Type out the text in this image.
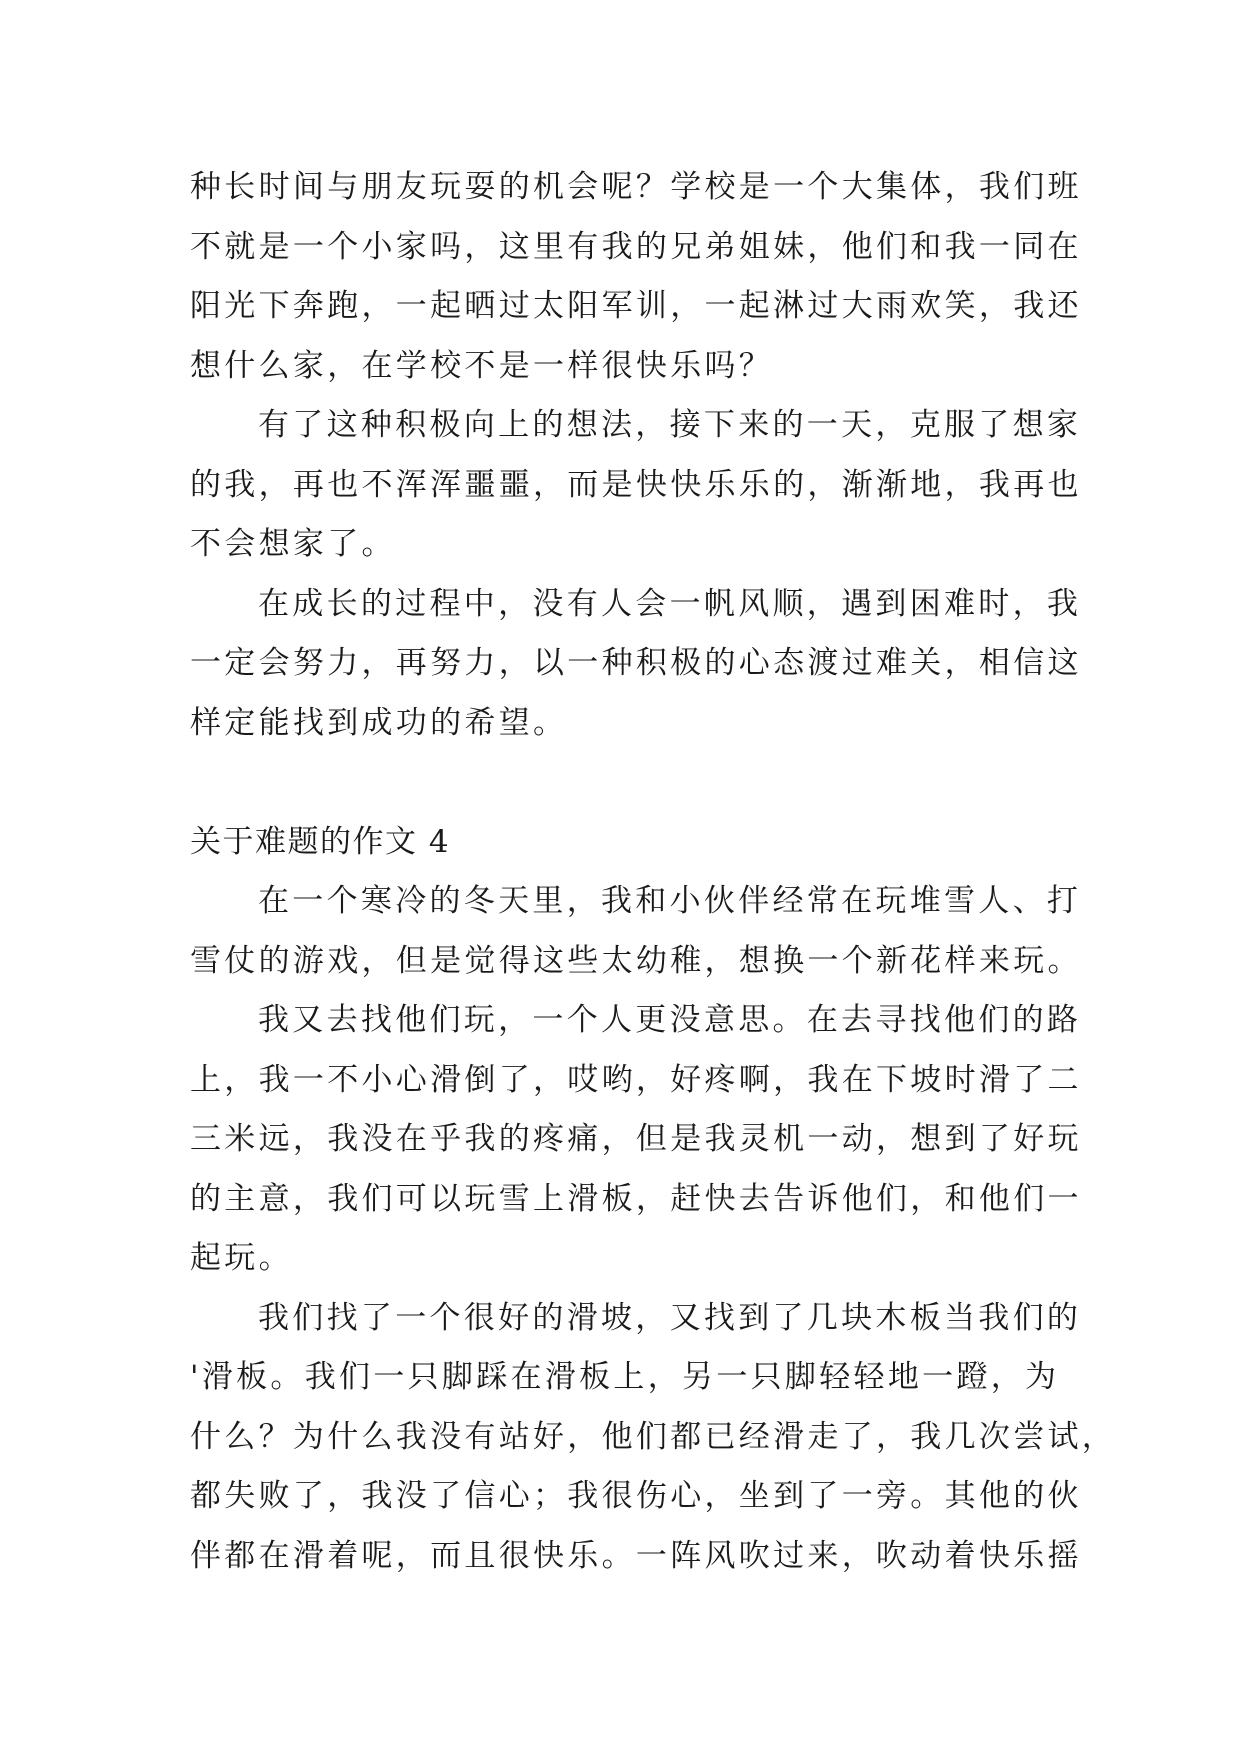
种长时间与朋友玩耍的机会呢？学校是一个大集体，我们班
不就是一个小家吗，这里有我的兄弟姐妹，他们和我一同在
阳光下奔跑，一起晒过太阳军训，一起淋过大雨欢笑，我还
想什么家，在学校不是一样很快乐吗？
有了这种积极向上的想法，接下来的一天，克服了想家
的我，再也不浑浑噩噩，而是快快乐乐的，渐渐地，我再也
不会想家了。
在成长的过程中，没有人会一帆风顺，遇到困难时，我
一定会努力，再努力，以一种积极的心态渡过难关，相信这
样定能找到成功的希望。
关于难题的作文 4
在一个寒冷的冬天里，我和小伙伴经常在玩堆雪人、打
雪仗的游戏，但是觉得这些太幼稚，想换一个新花样来玩。
我又去找他们玩，一个人更没意思。在去寻找他们的路
上，我一不小心滑倒了，哎哟，好疼啊，我在下坡时滑了二
三米远，我没在乎我的疼痛，但是我灵机一动，想到了好玩
的主意，我们可以玩雪上滑板，赶快去告诉他们，和他们一
起玩。
我们找了一个很好的滑坡，又找到了几块木板当我们的
'滑板。我们一只脚踩在滑板上，另一只脚轻轻地一蹬，为
什么？为什么我没有站好，他们都已经滑走了，我几次尝试，
都失败了，我没了信心；我很伤心，坐到了一旁。其他的伙
伴都在滑着呢，而且很快乐。一阵风吹过来，吹动着快乐摇
